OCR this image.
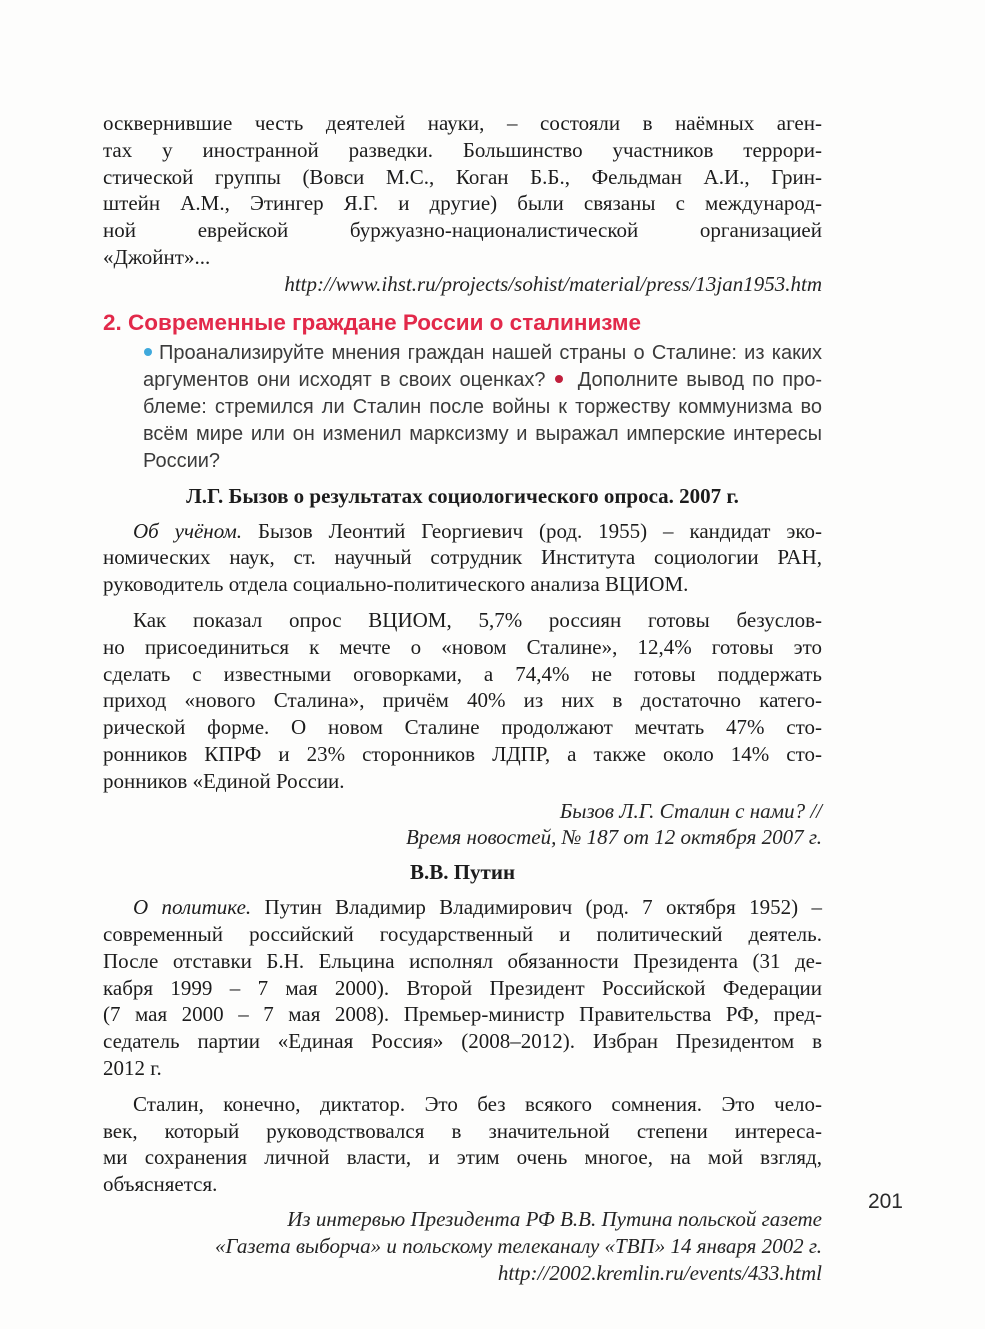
осквернившие честь деятелей науки, – состояли в наёмных аген-
тах у иностранной разведки. Большинство участников террори-
стической группы (Вовси М.С., Коган Б.Б., Фельдман А.И., Грин-
штейн А.М., Этингер Я.Г. и другие) были связаны с международ-
ной еврейской буржуазно-националистической организацией
«Джойнт»...
http://www.ihst.ru/projects/sohist/material/press/13jan1953.htm
2. Современные граждане России о сталинизме
Проанализируйте мнения граждан нашей страны о Сталине: из каких
аргументов они исходят в своих оценках?  Дополните вывод по про-
блеме: стремился ли Сталин после войны к торжеству коммунизма во
всём мире или он изменил марксизму и выражал имперские интересы
России?
Л.Г. Бызов о результатах социологического опроса. 2007 г.
Об учёном. Бызов Леонтий Георгиевич (род. 1955) – кандидат эко-
номических наук, ст. научный сотрудник Института социологии РАН,
руководитель отдела социально-политического анализа ВЦИОМ.
Как показал опрос ВЦИОМ, 5,7% россиян готовы безуслов-
но присоединиться к мечте о «новом Сталине», 12,4% готовы это
сделать с известными оговорками, а 74,4% не готовы поддержать
приход «нового Сталина», причём 40% из них в достаточно катего-
рической форме. О новом Сталине продолжают мечтать 47% сто-
ронников КПРФ и 23% сторонников ЛДПР, а также около 14% сто-
ронников «Единой России.
Бызов Л.Г. Сталин с нами? //
Время новостей, № 187 от 12 октября 2007 г.
В.В. Путин
О политике. Путин Владимир Владимирович (род. 7 октября 1952) –
современный российский государственный и политический деятель.
После отставки Б.Н. Ельцина исполнял обязанности Президента (31 де-
кабря 1999 – 7 мая 2000). Второй Президент Российской Федерации
(7 мая 2000 – 7 мая 2008). Премьер-министр Правительства РФ, пред-
седатель партии «Единая Россия» (2008–2012). Избран Президентом в
2012 г.
Сталин, конечно, диктатор. Это без всякого сомнения. Это чело-
век, который руководствовался в значительной степени интереса-
ми сохранения личной власти, и этим очень многое, на мой взгляд,
объясняется.
Из интервью Президента РФ В.В. Путина польской газете
«Газета выборча» и польскому телеканалу «ТВП» 14 января 2002 г.
http://2002.kremlin.ru/events/433.html
201
